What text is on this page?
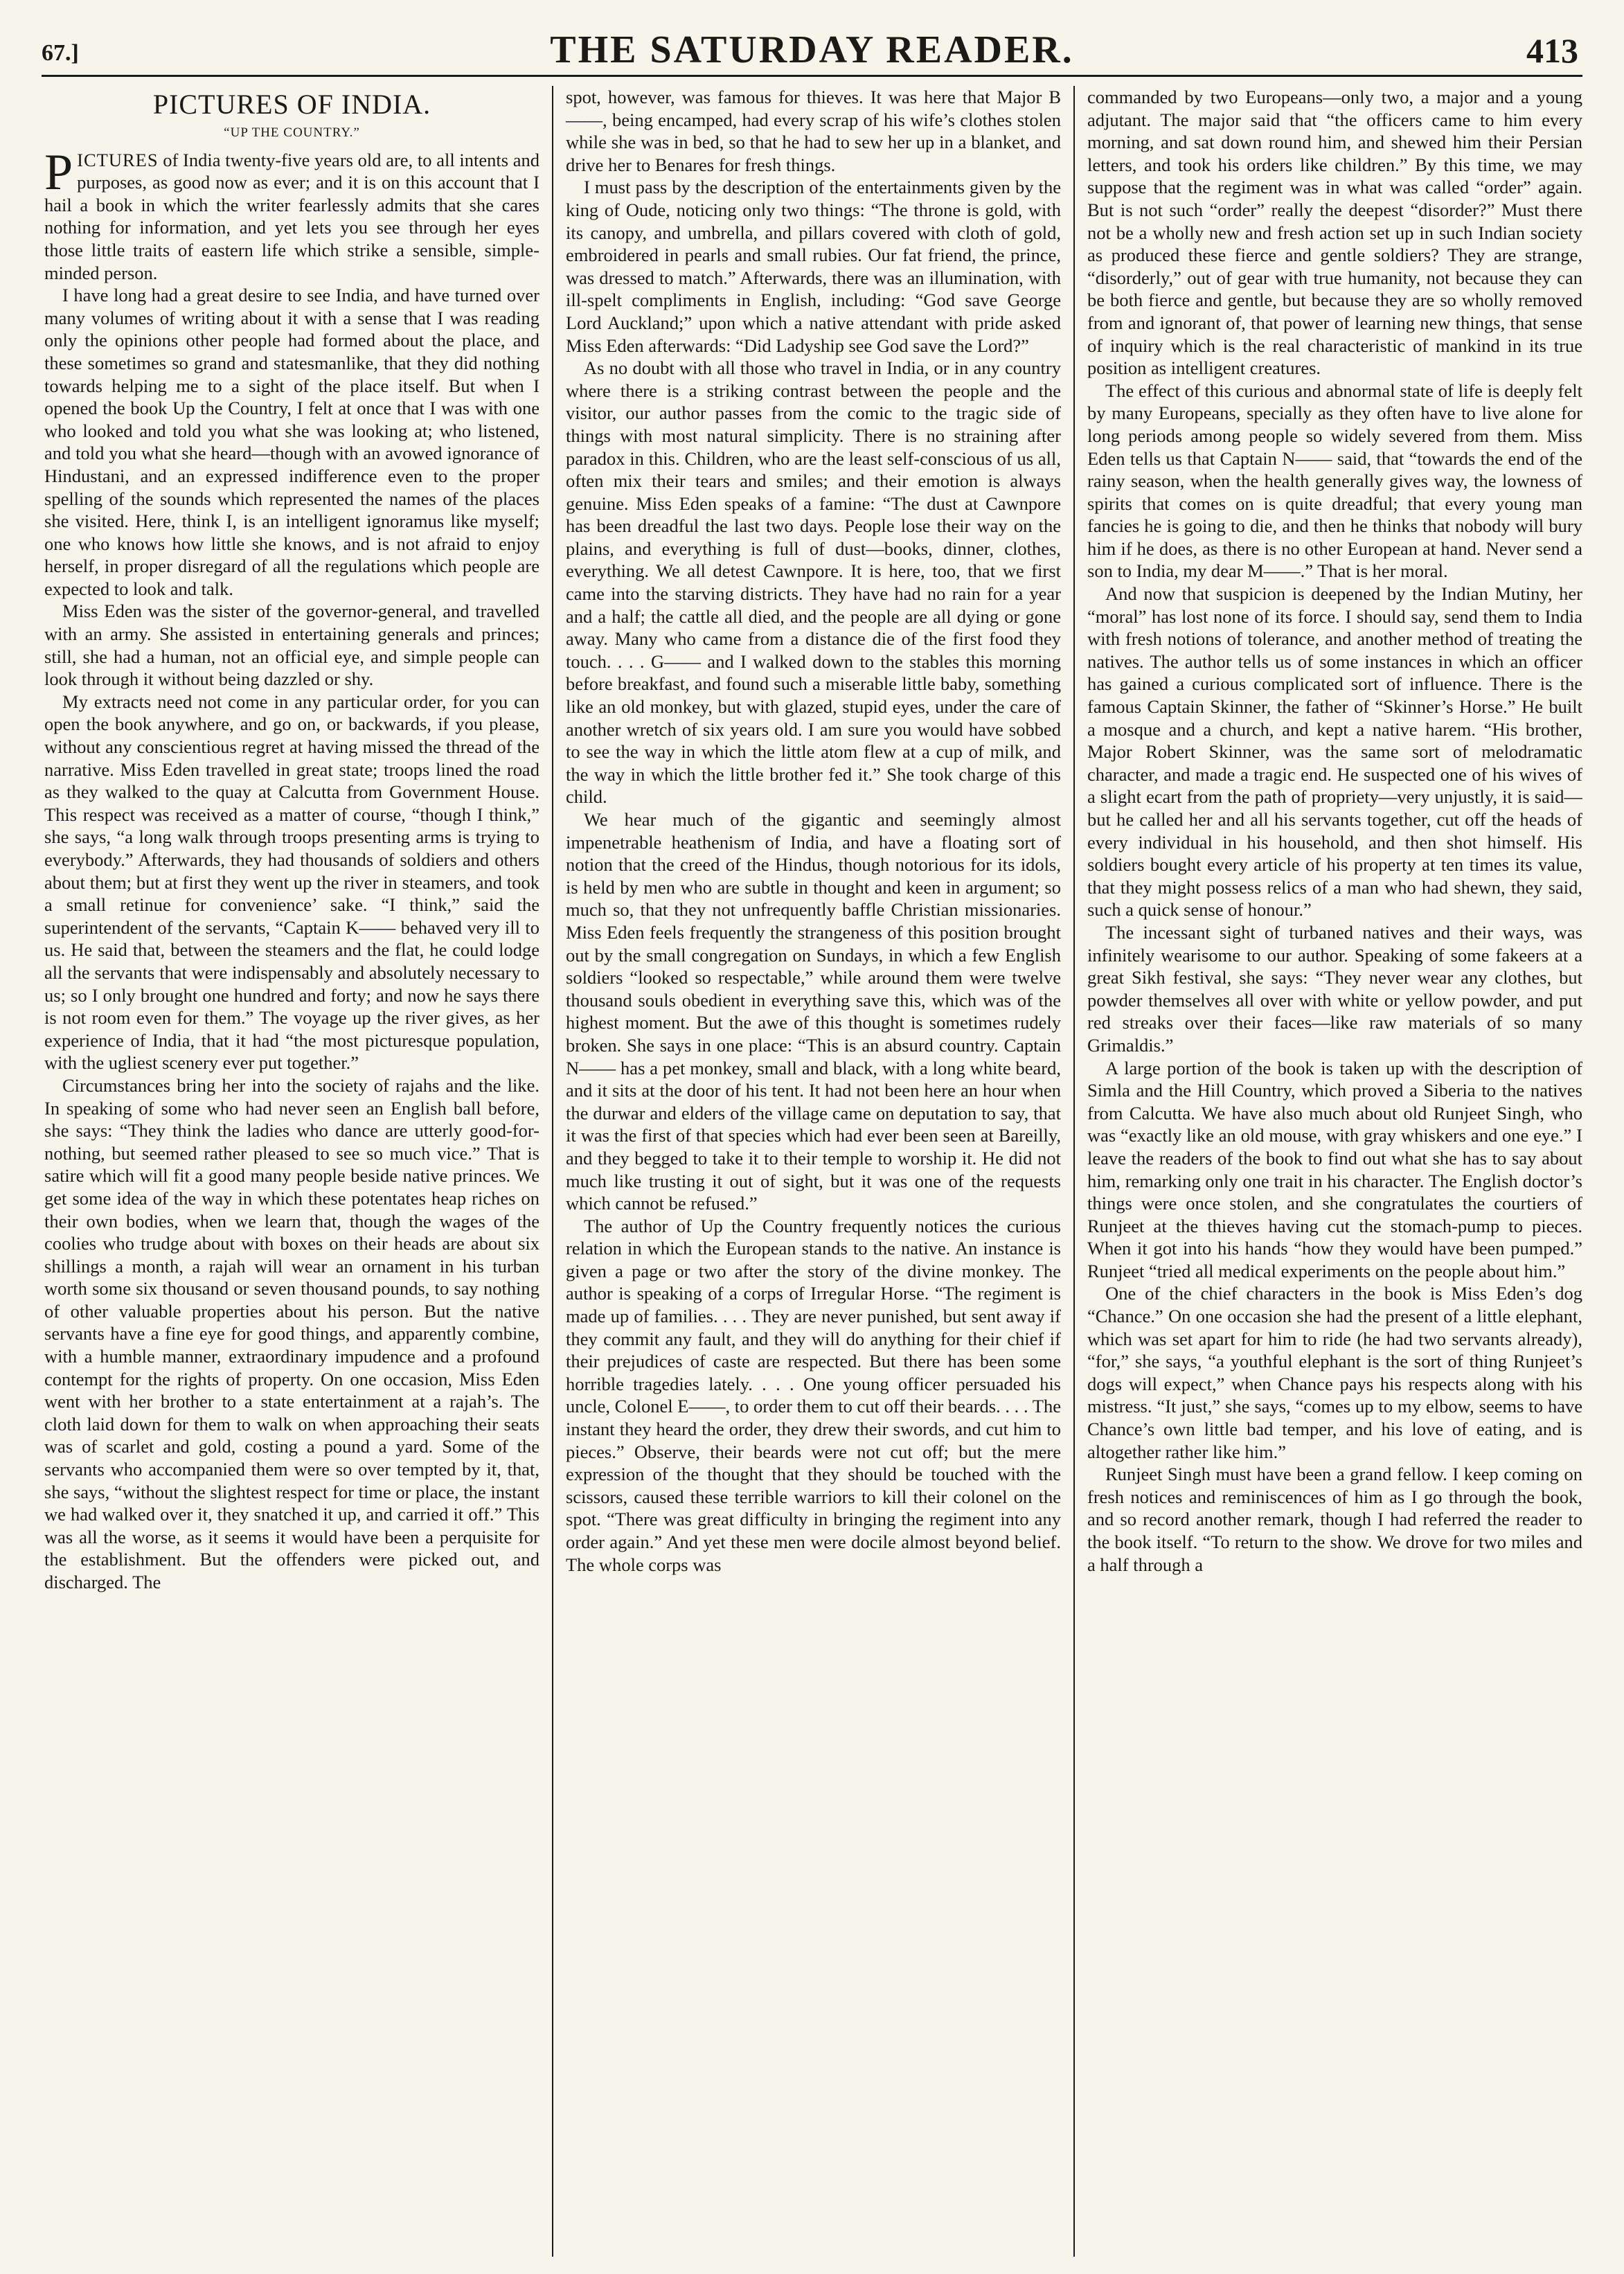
67.]	THE SATURDAY READER.	413
PICTURES OF INDIA.
“UP THE COUNTRY.”

PICTURES of India twenty-five years old are, to all intents and purposes, as good now as ever; and it is on this account that I hail a book in which the writer fearlessly admits that she cares nothing for information, and yet lets you see through her eyes those little traits of eastern life which strike a sensible, simple-minded person.

I have long had a great desire to see India, and have turned over many volumes of writing about it with a sense that I was reading only the opinions other people had formed about the place, and these sometimes so grand and statesmanlike, that they did nothing towards helping me to a sight of the place itself. But when I opened the book Up the Country, I felt at once that I was with one who looked and told you what she was looking at; who listened, and told you what she heard—though with an avowed ignorance of Hindustani, and an expressed indifference even to the proper spelling of the sounds which represented the names of the places she visited. Here, think I, is an intelligent ignoramus like myself; one who knows how little she knows, and is not afraid to enjoy herself, in proper disregard of all the regulations which people are expected to look and talk.

Miss Eden was the sister of the governor-general, and travelled with an army. She assisted in entertaining generals and princes; still, she had a human, not an official eye, and simple people can look through it without being dazzled or shy.

My extracts need not come in any particular order, for you can open the book anywhere, and go on, or backwards, if you please, without any conscientious regret at having missed the thread of the narrative. Miss Eden travelled in great state; troops lined the road as they walked to the quay at Calcutta from Government House. This respect was received as a matter of course, “though I think,” she says, “a long walk through troops presenting arms is trying to everybody.” Afterwards, they had thousands of soldiers and others about them; but at first they went up the river in steamers, and took a small retinue for convenience’ sake. “I think,” said the superintendent of the servants, “Captain K—— behaved very ill to us. He said that, between the steamers and the flat, he could lodge all the servants that were indispensably and absolutely necessary to us; so I only brought one hundred and forty; and now he says there is not room even for them.” The voyage up the river gives, as her experience of India, that it had “the most picturesque population, with the ugliest scenery ever put together.”

Circumstances bring her into the society of rajahs and the like. In speaking of some who had never seen an English ball before, she says: “They think the ladies who dance are utterly good-for-nothing, but seemed rather pleased to see so much vice.” That is satire which will fit a good many people beside native princes. We get some idea of the way in which these potentates heap riches on their own bodies, when we learn that, though the wages of the coolies who trudge about with boxes on their heads are about six shillings a month, a rajah will wear an ornament in his turban worth some six thousand or seven thousand pounds, to say nothing of other valuable properties about his person. But the native servants have a fine eye for good things, and apparently combine, with a humble manner, extraordinary impudence and a profound contempt for the rights of property. On one occasion, Miss Eden went with her brother to a state entertainment at a rajah’s. The cloth laid down for them to walk on when approaching their seats was of scarlet and gold, costing a pound a yard. Some of the servants who accompanied them were so over tempted by it, that, she says, “without the slightest respect for time or place, the instant we had walked over it, they snatched it up, and carried it off.” This was all the worse, as it seems it would have been a perquisite for the establishment. But the offenders were picked out, and discharged. The

spot, however, was famous for thieves. It was here that Major B——, being encamped, had every scrap of his wife’s clothes stolen while she was in bed, so that he had to sew her up in a blanket, and drive her to Benares for fresh things.

I must pass by the description of the entertainments given by the king of Oude, noticing only two things: “The throne is gold, with its canopy, and umbrella, and pillars covered with cloth of gold, embroidered in pearls and small rubies. Our fat friend, the prince, was dressed to match.” Afterwards, there was an illumination, with ill-spelt compliments in English, including: “God save George Lord Auckland;” upon which a native attendant with pride asked Miss Eden afterwards: “Did Ladyship see God save the Lord?”

As no doubt with all those who travel in India, or in any country where there is a striking contrast between the people and the visitor, our author passes from the comic to the tragic side of things with most natural simplicity. There is no straining after paradox in this. Children, who are the least self-conscious of us all, often mix their tears and smiles; and their emotion is always genuine. Miss Eden speaks of a famine: “The dust at Cawnpore has been dreadful the last two days. People lose their way on the plains, and everything is full of dust—books, dinner, clothes, everything. We all detest Cawnpore. It is here, too, that we first came into the starving districts. They have had no rain for a year and a half; the cattle all died, and the people are all dying or gone away. Many who came from a distance die of the first food they touch. . . . G—— and I walked down to the stables this morning before breakfast, and found such a miserable little baby, something like an old monkey, but with glazed, stupid eyes, under the care of another wretch of six years old. I am sure you would have sobbed to see the way in which the little atom flew at a cup of milk, and the way in which the little brother fed it.” She took charge of this child.

We hear much of the gigantic and seemingly almost impenetrable heathenism of India, and have a floating sort of notion that the creed of the Hindus, though notorious for its idols, is held by men who are subtle in thought and keen in argument; so much so, that they not unfrequently baffle Christian missionaries. Miss Eden feels frequently the strangeness of this position brought out by the small congregation on Sundays, in which a few English soldiers “looked so respectable,” while around them were twelve thousand souls obedient in everything save this, which was of the highest moment. But the awe of this thought is sometimes rudely broken. She says in one place: “This is an absurd country. Captain N—— has a pet monkey, small and black, with a long white beard, and it sits at the door of his tent. It had not been here an hour when the durwar and elders of the village came on deputation to say, that it was the first of that species which had ever been seen at Bareilly, and they begged to take it to their temple to worship it. He did not much like trusting it out of sight, but it was one of the requests which cannot be refused.”

The author of Up the Country frequently notices the curious relation in which the European stands to the native. An instance is given a page or two after the story of the divine monkey. The author is speaking of a corps of Irregular Horse. “The regiment is made up of families. . . . They are never punished, but sent away if they commit any fault, and they will do anything for their chief if their prejudices of caste are respected. But there has been some horrible tragedies lately. . . . One young officer persuaded his uncle, Colonel E——, to order them to cut off their beards. . . . The instant they heard the order, they drew their swords, and cut him to pieces.” Observe, their beards were not cut off; but the mere expression of the thought that they should be touched with the scissors, caused these terrible warriors to kill their colonel on the spot. “There was great difficulty in bringing the regiment into any order again.” And yet these men were docile almost beyond belief. The whole corps was

commanded by two Europeans—only two, a major and a young adjutant. The major said that “the officers came to him every morning, and sat down round him, and shewed him their Persian letters, and took his orders like children.” By this time, we may suppose that the regiment was in what was called “order” again. But is not such “order” really the deepest “disorder?” Must there not be a wholly new and fresh action set up in such Indian society as produced these fierce and gentle soldiers? They are strange, “disorderly,” out of gear with true humanity, not because they can be both fierce and gentle, but because they are so wholly removed from and ignorant of, that power of learning new things, that sense of inquiry which is the real characteristic of mankind in its true position as intelligent creatures.

The effect of this curious and abnormal state of life is deeply felt by many Europeans, specially as they often have to live alone for long periods among people so widely severed from them. Miss Eden tells us that Captain N—— said, that “towards the end of the rainy season, when the health generally gives way, the lowness of spirits that comes on is quite dreadful; that every young man fancies he is going to die, and then he thinks that nobody will bury him if he does, as there is no other European at hand. Never send a son to India, my dear M——.” That is her moral.

And now that suspicion is deepened by the Indian Mutiny, her “moral” has lost none of its force. I should say, send them to India with fresh notions of tolerance, and another method of treating the natives. The author tells us of some instances in which an officer has gained a curious complicated sort of influence. There is the famous Captain Skinner, the father of “Skinner’s Horse.” He built a mosque and a church, and kept a native harem. “His brother, Major Robert Skinner, was the same sort of melodramatic character, and made a tragic end. He suspected one of his wives of a slight ecart from the path of propriety—very unjustly, it is said—but he called her and all his servants together, cut off the heads of every individual in his household, and then shot himself. His soldiers bought every article of his property at ten times its value, that they might possess relics of a man who had shewn, they said, such a quick sense of honour.”

The incessant sight of turbaned natives and their ways, was infinitely wearisome to our author. Speaking of some fakeers at a great Sikh festival, she says: “They never wear any clothes, but powder themselves all over with white or yellow powder, and put red streaks over their faces—like raw materials of so many Grimaldis.”

A large portion of the book is taken up with the description of Simla and the Hill Country, which proved a Siberia to the natives from Calcutta. We have also much about old Runjeet Singh, who was “exactly like an old mouse, with gray whiskers and one eye.” I leave the readers of the book to find out what she has to say about him, remarking only one trait in his character. The English doctor’s things were once stolen, and she congratulates the courtiers of Runjeet at the thieves having cut the stomach-pump to pieces. When it got into his hands “how they would have been pumped.” Runjeet “tried all medical experiments on the people about him.”

One of the chief characters in the book is Miss Eden’s dog “Chance.” On one occasion she had the present of a little elephant, which was set apart for him to ride (he had two servants already), “for,” she says, “a youthful elephant is the sort of thing Runjeet’s dogs will expect,” when Chance pays his respects along with his mistress. “It just,” she says, “comes up to my elbow, seems to have Chance’s own little bad temper, and his love of eating, and is altogether rather like him.”

Runjeet Singh must have been a grand fellow. I keep coming on fresh notices and reminiscences of him as I go through the book, and so record another remark, though I had referred the reader to the book itself. “To return to the show. We drove for two miles and a half through a
